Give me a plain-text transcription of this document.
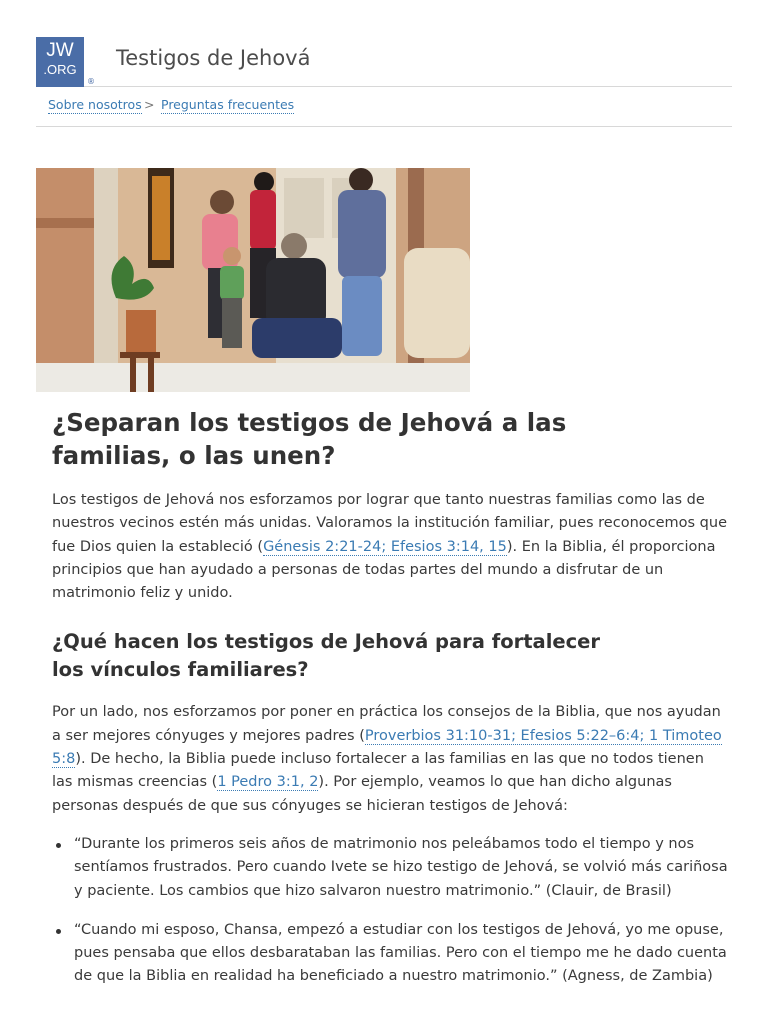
JW
.ORG
®
Testigos de Jehová
Sobre nosotros > Preguntas frecuentes
¿Separan los testigos de Jehová a las familias, o las unen?

Los testigos de Jehová nos esforzamos por lograr que tanto nuestras familias como las de nuestros vecinos estén más unidas. Valoramos la institución familiar, pues reconocemos que fue Dios quien la estableció (Génesis 2:21-24; Efesios 3:14, 15). En la Biblia, él proporciona principios que han ayudado a personas de todas partes del mundo a disfrutar de un matrimonio feliz y unido.

¿Qué hacen los testigos de Jehová para fortalecer los vínculos familiares?

Por un lado, nos esforzamos por poner en práctica los consejos de la Biblia, que nos ayudan a ser mejores cónyuges y mejores padres (Proverbios 31:10-31; Efesios 5:22–6:4; 1 Timoteo 5:8). De hecho, la Biblia puede incluso fortalecer a las familias en las que no todos tienen las mismas creencias (1 Pedro 3:1, 2). Por ejemplo, veamos lo que han dicho algunas personas después de que sus cónyuges se hicieran testigos de Jehová:

“Durante los primeros seis años de matrimonio nos peleábamos todo el tiempo y nos sentíamos frustrados. Pero cuando Ivete se hizo testigo de Jehová, se volvió más cariñosa y paciente. Los cambios que hizo salvaron nuestro matrimonio.” (Clauir, de Brasil)
“Cuando mi esposo, Chansa, empezó a estudiar con los testigos de Jehová, yo me opuse, pues pensaba que ellos desbarataban las familias. Pero con el tiempo me he dado cuenta de que la Biblia en realidad ha beneficiado a nuestro matrimonio.” (Agness, de Zambia)
